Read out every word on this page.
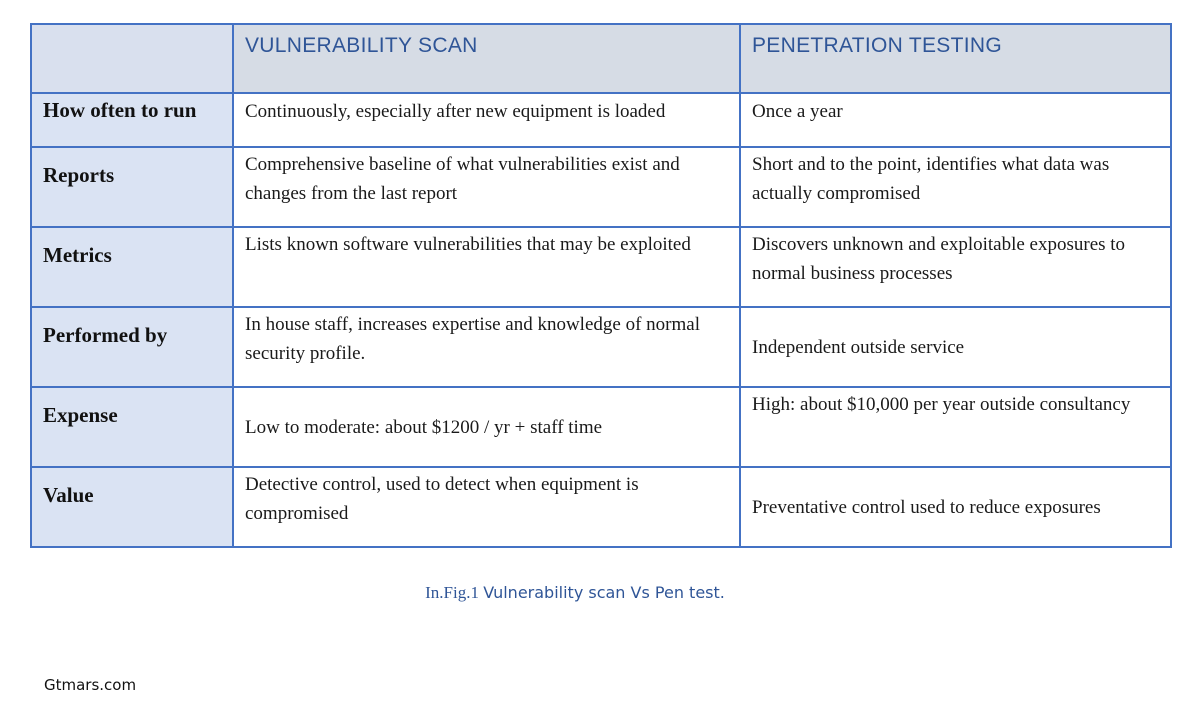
	VULNERABILITY SCAN	PENETRATION TESTING
How often to run	Continuously, especially after new equipment is loaded	Once a year
Reports	Comprehensive baseline of what vulnerabilities exist and changes from the last report	Short and to the point, identifies what data was actually compromised
Metrics	Lists known software vulnerabilities that may be exploited	Discovers unknown and exploitable exposures to normal business processes
Performed by	In house staff, increases expertise and knowledge of normal security profile.	Independent outside service
Expense	Low to moderate: about $1200 / yr + staff time	High: about $10,000 per year outside consultancy
Value	Detective control, used to detect when equipment is compromised	Preventative control used to reduce exposures
In.Fig.1 Vulnerability scan Vs Pen test.
Gtmars.com
